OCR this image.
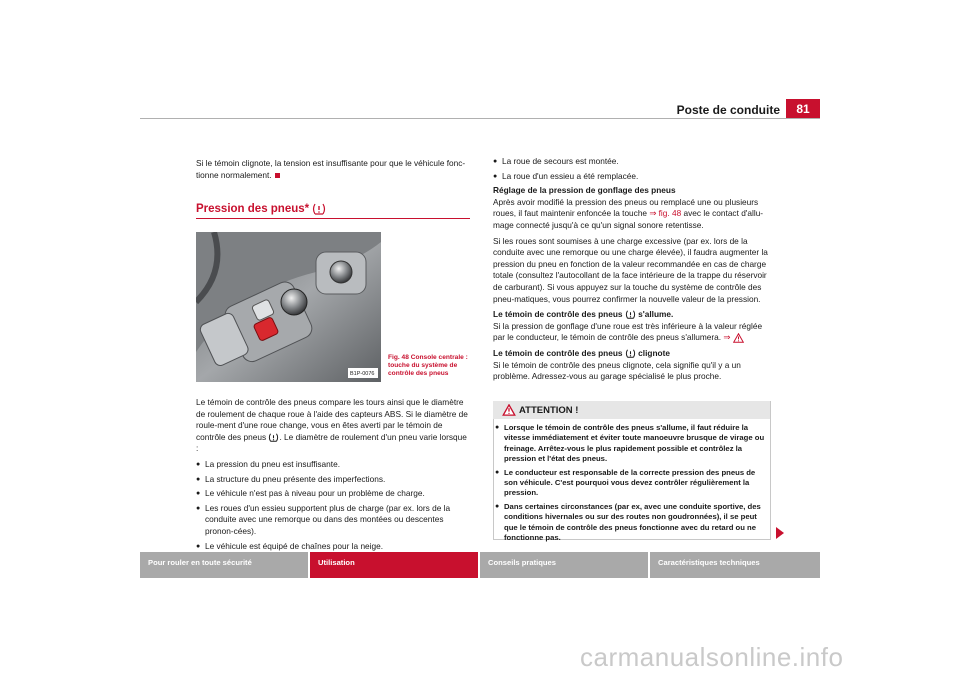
Poste de conduite	81
Si le témoin clignote, la tension est insuffisante pour que le véhicule fonc-tionne normalement.
Pression des pneus*
B1P-0076
Fig. 48 Console centrale : touche du système de contrôle des pneus

Le témoin de contrôle des pneus compare les tours ainsi que le diamètre de roulement de chaque roue à l'aide des capteurs ABS. Si le diamètre de roule-ment d'une roue change, vous en êtes averti par le témoin de contrôle des pneus . Le diamètre de roulement d'un pneu varie lorsque :

● La pression du pneu est insuffisante.
● La structure du pneu présente des imperfections.
● Le véhicule n'est pas à niveau pour un problème de charge.
● Les roues d'un essieu supportent plus de charge (par ex. lors de la conduite avec une remorque ou dans des montées ou descentes pronon-cées).
● Le véhicule est équipé de chaînes pour la neige.
● La roue de secours est montée.
● La roue d'un essieu a été remplacée.
Réglage de la pression de gonflage des pneus

Après avoir modifié la pression des pneus ou remplacé une ou plusieurs roues, il faut maintenir enfoncée la touche ⇒ fig. 48 avec le contact d'allu-mage connecté jusqu'à ce qu'un signal sonore retentisse.

Si les roues sont soumises à une charge excessive (par ex. lors de la conduite avec une remorque ou une charge élevée), il faudra augmenter la pression du pneu en fonction de la valeur recommandée en cas de charge totale (consultez l'autocollant de la face intérieure de la trappe du réservoir de carburant). Si vous appuyez sur la touche du système de contrôle des pneu-matiques, vous pourrez confirmer la nouvelle valeur de la pression.

Le témoin de contrôle des pneus s'allume.

Si la pression de gonflage d'une roue est très inférieure à la valeur réglée par le conducteur, le témoin de contrôle des pneus s'allumera. ⇒

Le témoin de contrôle des pneus clignote

Si le témoin de contrôle des pneus clignote, cela signifie qu'il y a un problème. Adressez-vous au garage spécialisé le plus proche.

ATTENTION !
● Lorsque le témoin de contrôle des pneus s'allume, il faut réduire la vitesse immédiatement et éviter toute manoeuvre brusque de virage ou freinage. Arrêtez-vous le plus rapidement possible et contrôlez la pression et l'état des pneus.
● Le conducteur est responsable de la correcte pression des pneus de son véhicule. C'est pourquoi vous devez contrôler régulièrement la pression.
● Dans certaines circonstances (par ex, avec une conduite sportive, des conditions hivernales ou sur des routes non goudronnées), il se peut que le témoin de contrôle des pneus fonctionne avec du retard ou ne fonctionne pas.
Pour rouler en toute sécurité	Utilisation	Conseils pratiques	Caractéristiques techniques
carmanualsonline.info
